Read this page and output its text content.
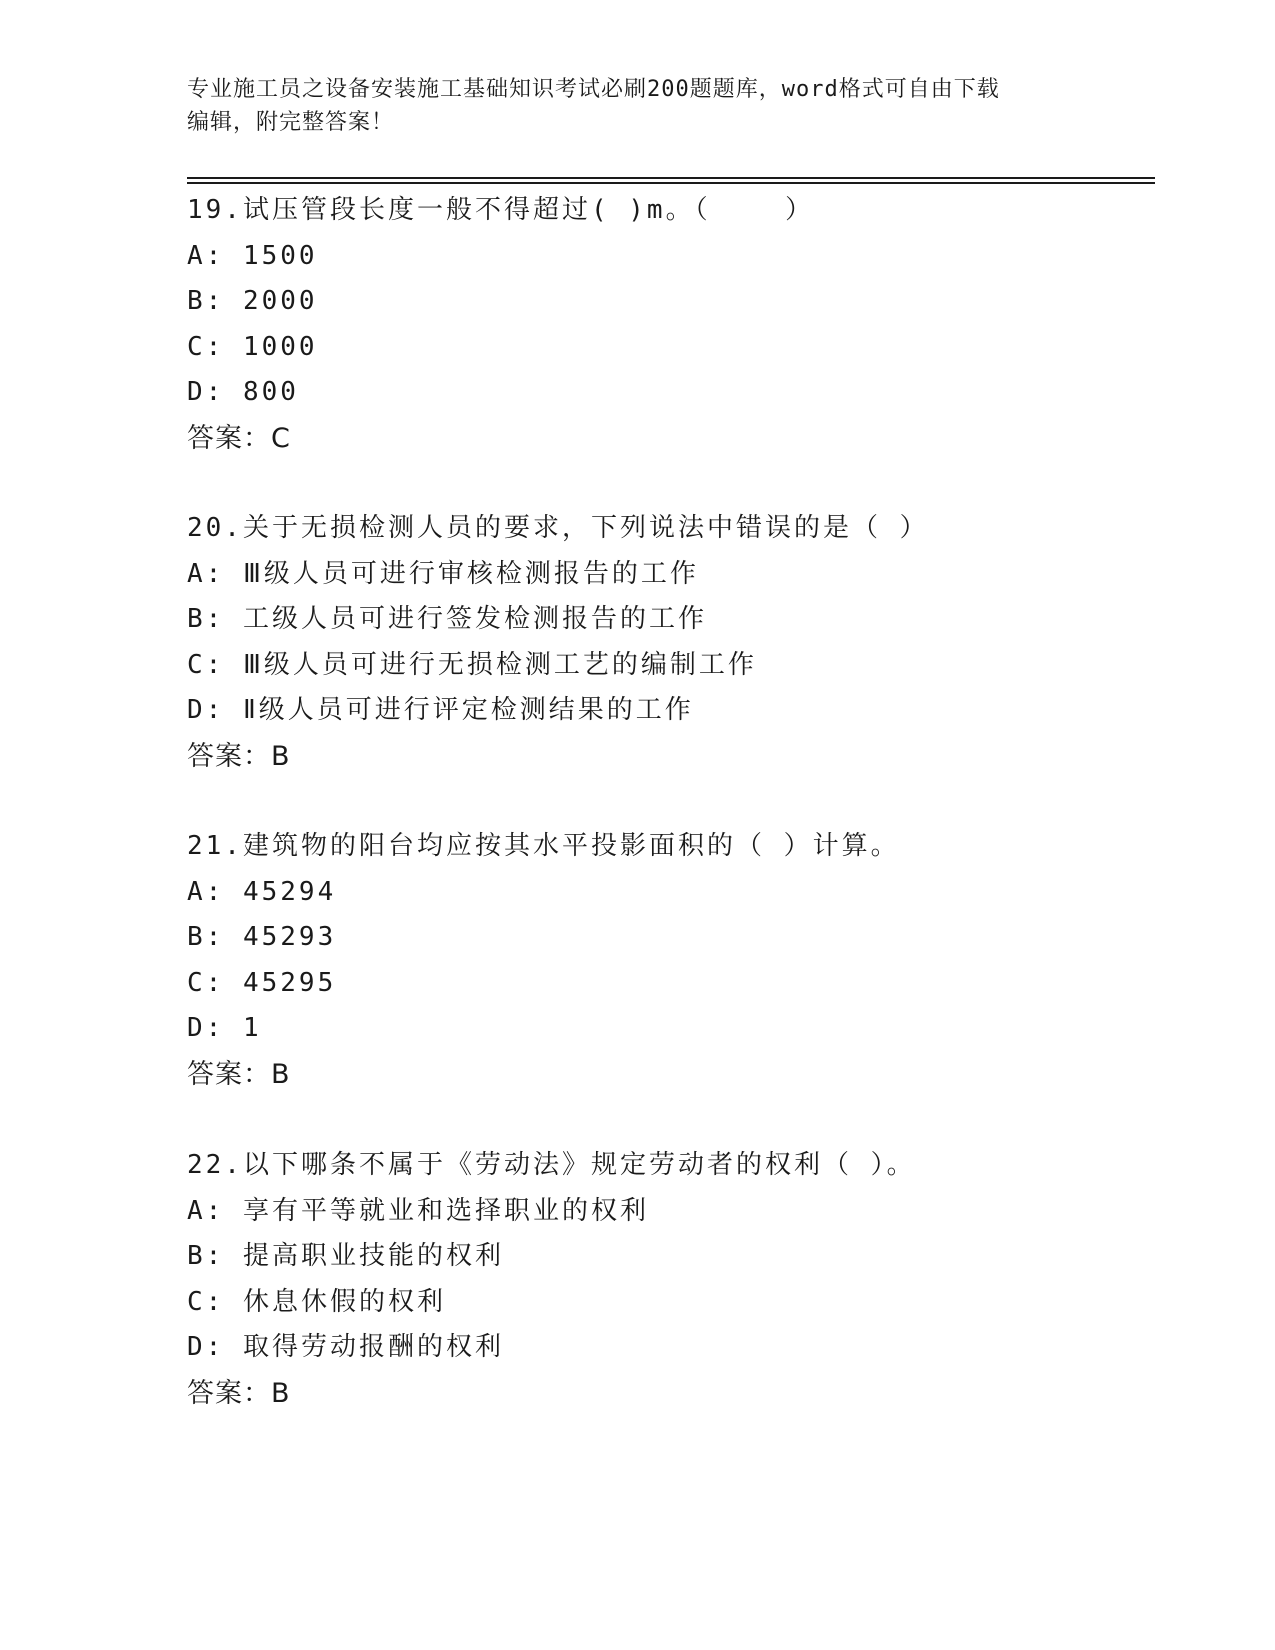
专业施工员之设备安装施工基础知识考试必刷200题题库，word格式可自由下载
编辑，附完整答案！
19.试压管段长度一般不得超过( )m。（    ）
A: 1500
B: 2000
C: 1000
D: 800
答案：C
20.关于无损检测人员的要求，下列说法中错误的是（ ）
A: Ⅲ级人员可进行审核检测报告的工作
B: 工级人员可进行签发检测报告的工作
C: Ⅲ级人员可进行无损检测工艺的编制工作
D: Ⅱ级人员可进行评定检测结果的工作
答案：B
21.建筑物的阳台均应按其水平投影面积的（ ）计算。
A: 45294
B: 45293
C: 45295
D: 1
答案：B
22.以下哪条不属于《劳动法》规定劳动者的权利（ ）。
A: 享有平等就业和选择职业的权利
B: 提高职业技能的权利
C: 休息休假的权利
D: 取得劳动报酬的权利
答案：B
